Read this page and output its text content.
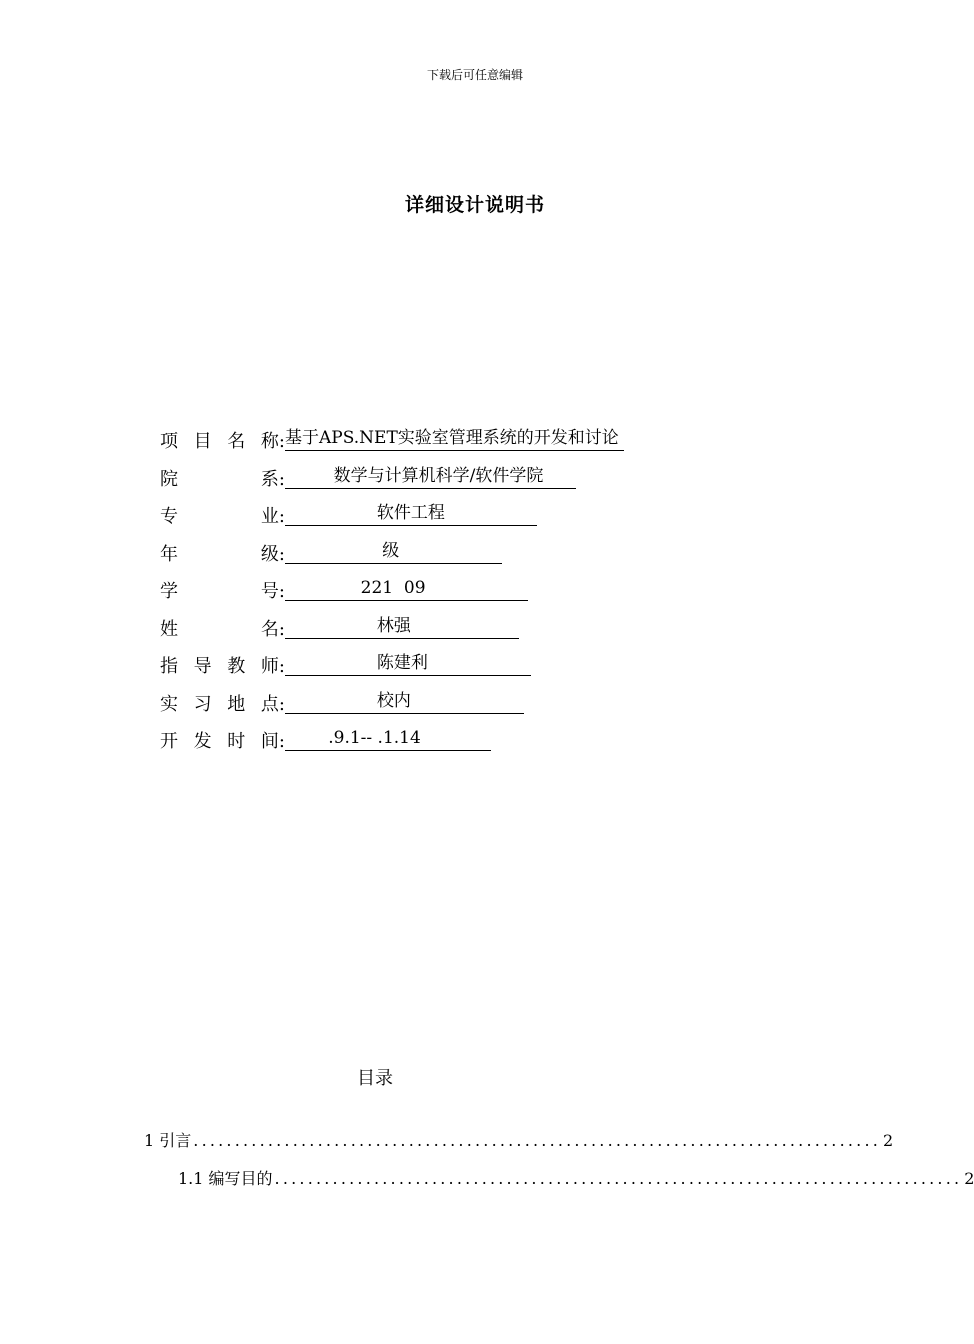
下载后可任意编辑
详细设计说明书
项 目 名 称: 基于APS.NET实验室管理系统的开发和讨论
院	系: 数学与计算机科学/软件学院
专	业: 软件工程
年	级: 级
学	号: 221  09
姓	名: 林强
指 导 教 师: 陈建利
实 习 地 点: 校内
开 发 时 间: .9.1-- .1.14
目录
1 引言 ................................................................................... 2
1.1 编写目的 ................................................................................... 2
